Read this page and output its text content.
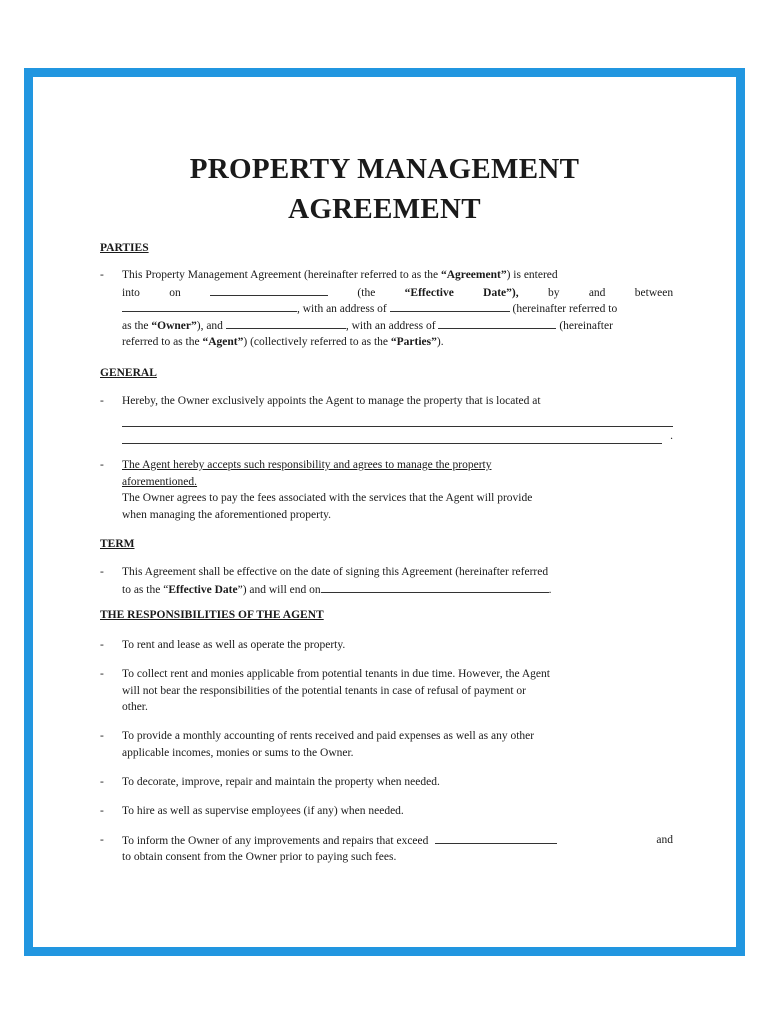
PROPERTY MANAGEMENT
AGREEMENT
PARTIES
-	This Property Management Agreement (hereinafter referred to as the “Agreement”) is entered
into	on	(the	“Effective	Date”),	by	and	between
, with an address of	(hereinafter referred to
as the “Owner”), and	, with an address of	(hereinafter
referred to as the “Agent”) (collectively referred to as the “Parties”).
GENERAL
-	Hereby, the Owner exclusively appoints the Agent to manage the property that is located at
.
-	The Agent hereby accepts such responsibility and agrees to manage the property
aforementioned.
The Owner agrees to pay the fees associated with the services that the Agent will provide
when managing the aforementioned property.
TERM
-	This Agreement shall be effective on the date of signing this Agreement (hereinafter referred
to as the “Effective Date”) and will end on	.
THE RESPONSIBILITIES OF THE AGENT
-	To rent and lease as well as operate the property.
-	To collect rent and monies applicable from potential tenants in due time. However, the Agent
will not bear the responsibilities of the potential tenants in case of refusal of payment or
other.
-	To provide a monthly accounting of rents received and paid expenses as well as any other
applicable incomes, monies or sums to the Owner.
-	To decorate, improve, repair and maintain the property when needed.
-	To hire as well as supervise employees (if any) when needed.
-	To inform the Owner of any improvements and repairs that exceed	and
to obtain consent from the Owner prior to paying such fees.
